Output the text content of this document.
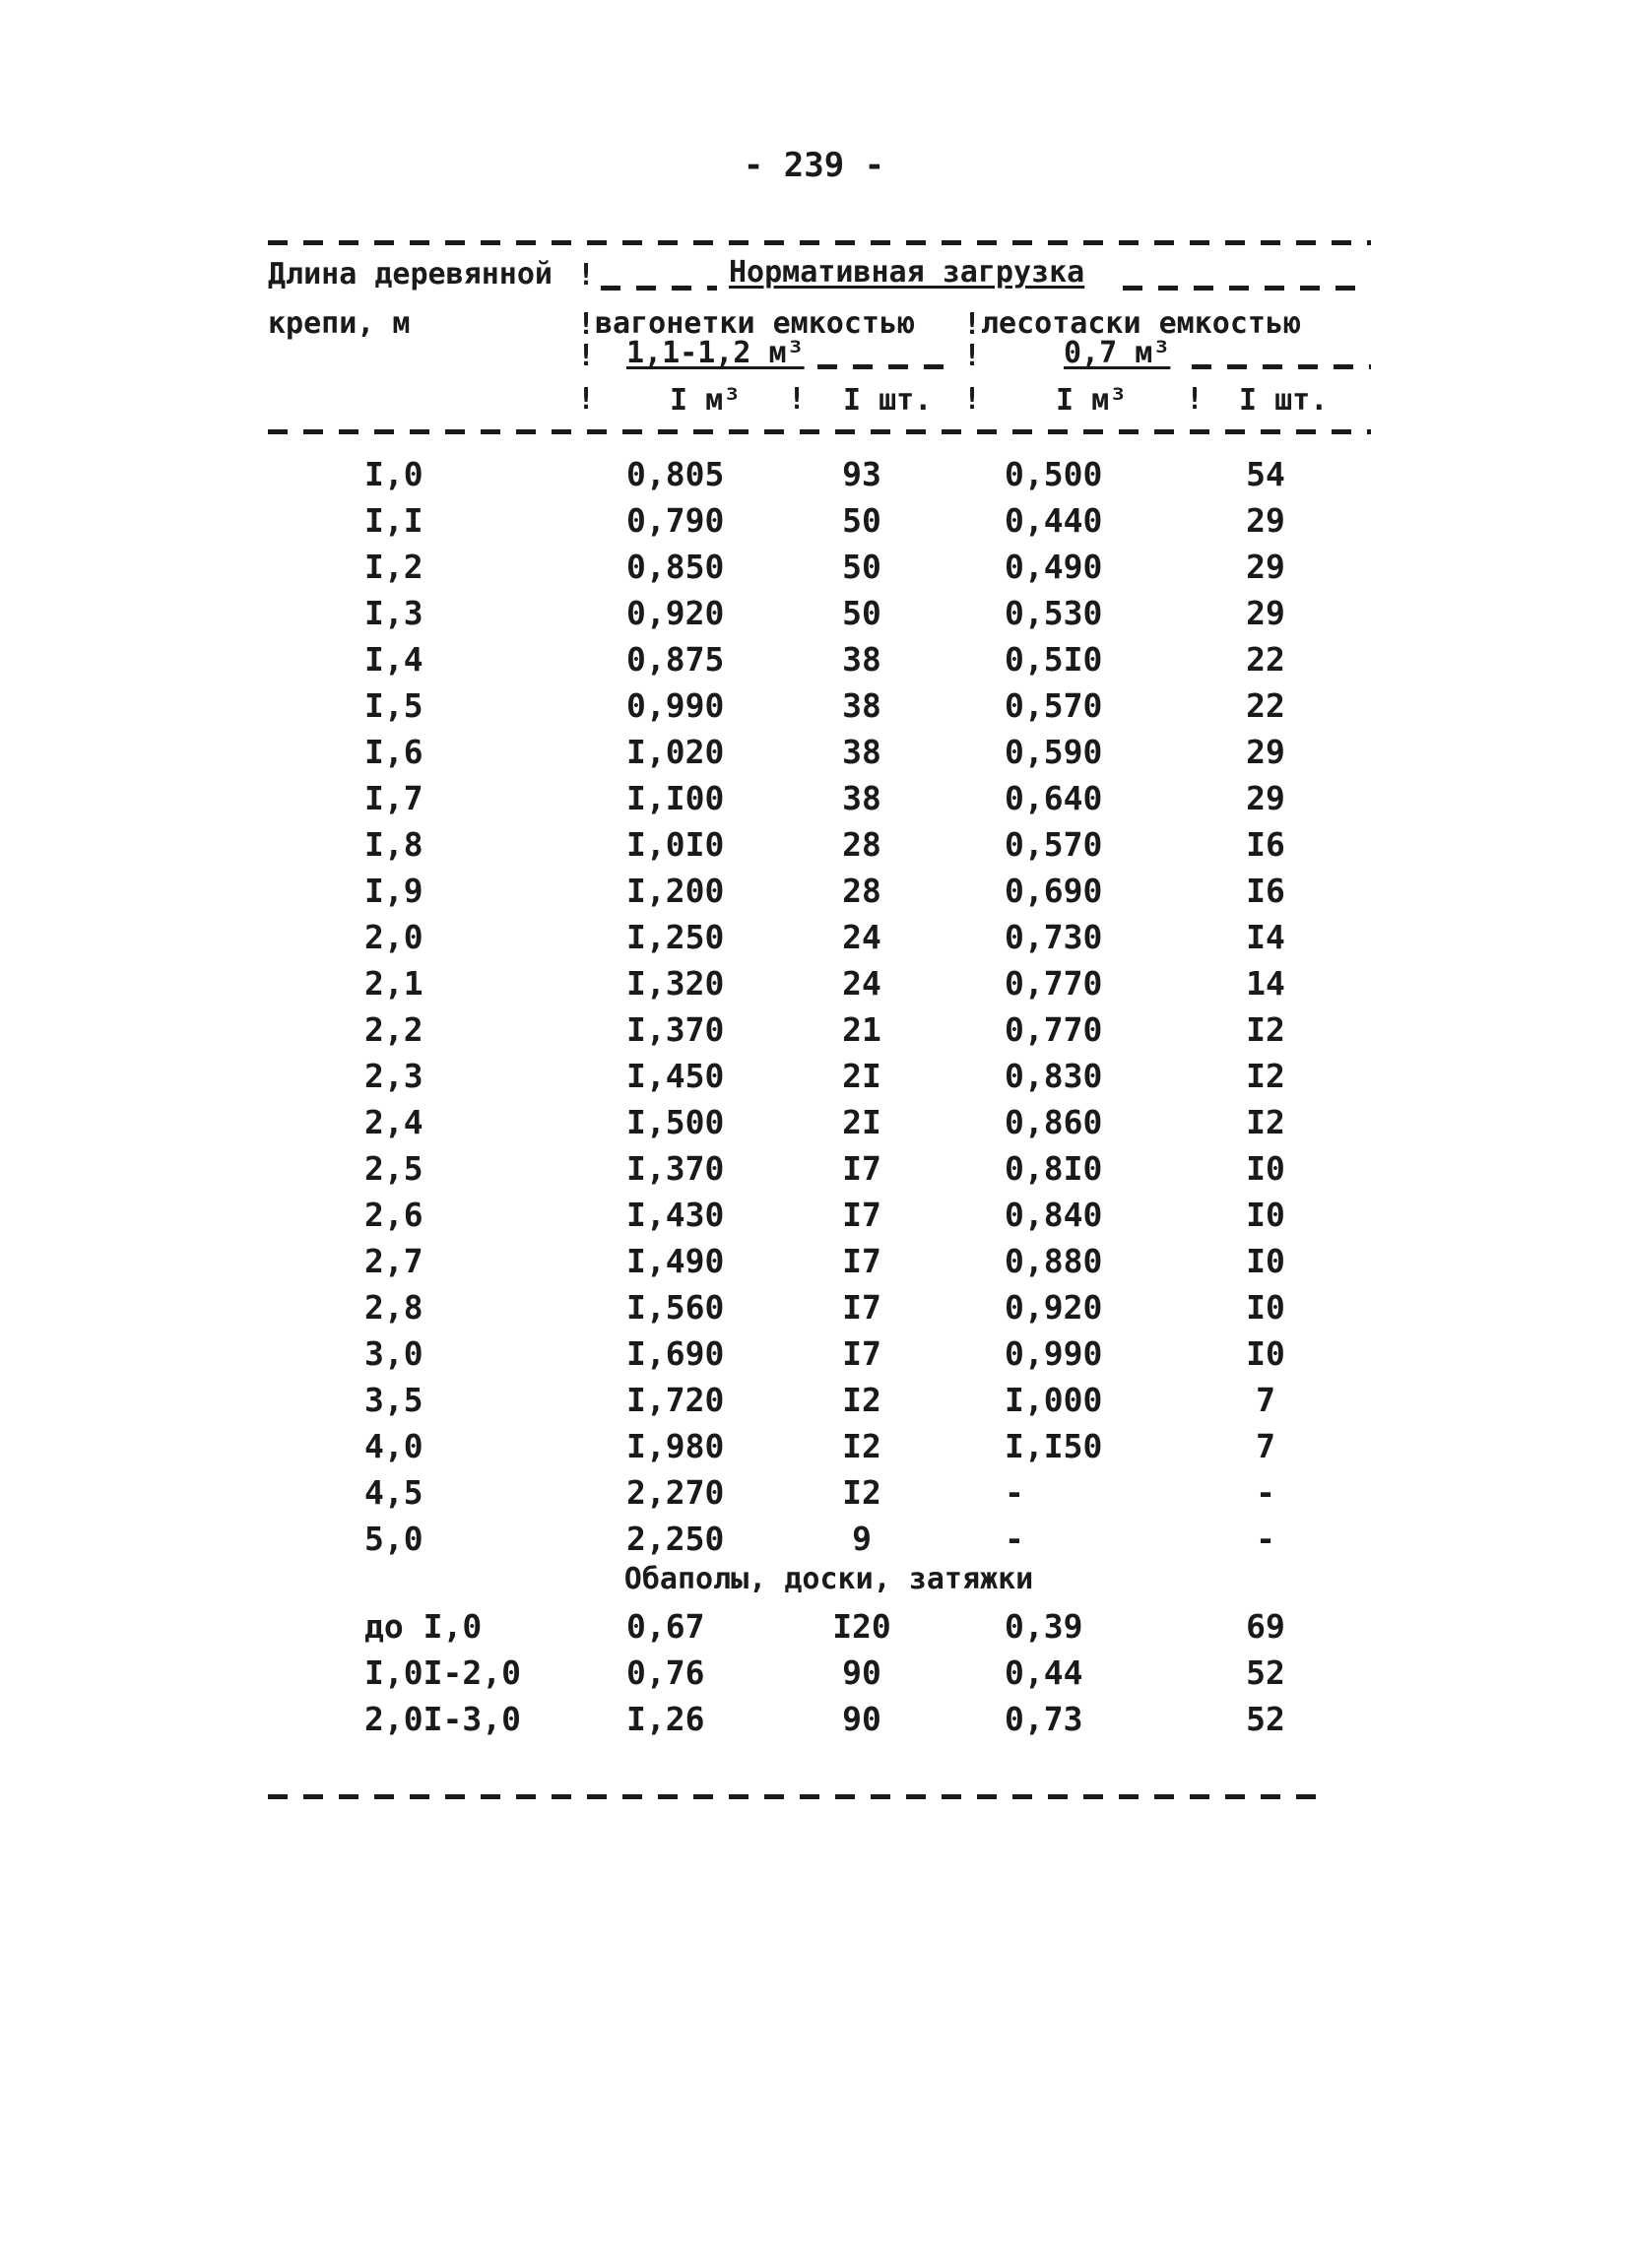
- 239 -
Длина деревянной
крепи, м
!	Нормативная загрузка
! вагонетки емкостью ! лесотаски емкостью
! 1,1-1,2 м³	!	0,7 м³
!	I м³ ! I шт. !	I м³ ! I шт.
I,0	0,805	93	0,500	54
I,I	0,790	50	0,440	29
I,2	0,850	50	0,490	29
I,3	0,920	50	0,530	29
I,4	0,875	38	0,5I0	22
I,5	0,990	38	0,570	22
I,6	I,020	38	0,590	29
I,7	I,I00	38	0,640	29
I,8	I,0I0	28	0,570	I6
I,9	I,200	28	0,690	I6
2,0	I,250	24	0,730	I4
2,1	I,320	24	0,770	14
2,2	I,370	21	0,770	I2
2,3	I,450	2I	0,830	I2
2,4	I,500	2I	0,860	I2
2,5	I,370	I7	0,8I0	I0
2,6	I,430	I7	0,840	I0
2,7	I,490	I7	0,880	I0
2,8	I,560	I7	0,920	I0
3,0	I,690	I7	0,990	I0
3,5	I,720	I2	I,000	7
4,0	I,980	I2	I,I50	7
4,5	2,270	I2	-	-
5,0	2,250	9	-	-
Обаполы, доски, затяжки
до I,0	0,67	I20	0,39	69
I,0I-2,0	0,76	90	0,44	52
2,0I-3,0	I,26	90	0,73	52
